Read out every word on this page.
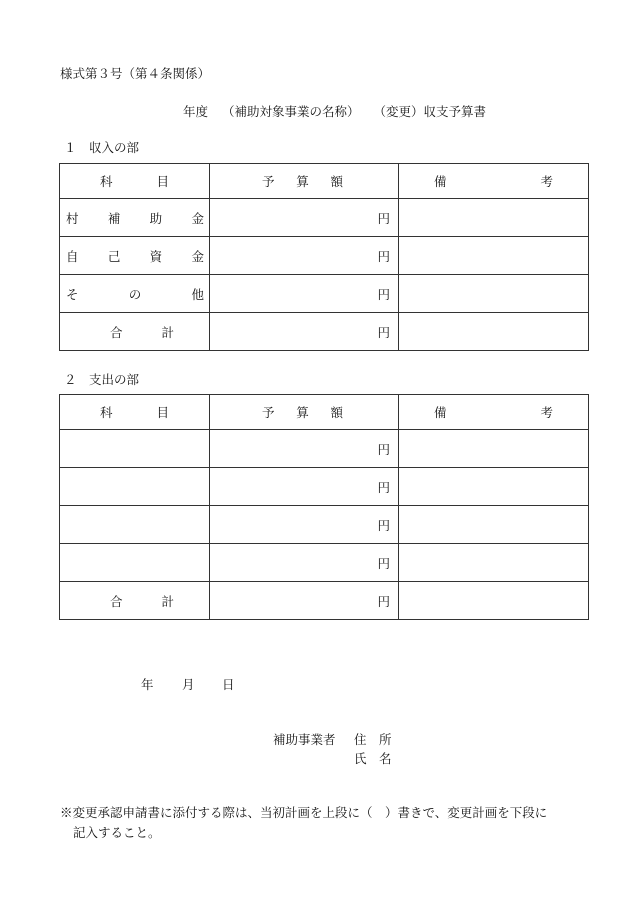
様式第３号（第４条関係）
年度 （補助対象事業の名称） （変更）収支予算書
１　収入の部
科 目	予 算 額	備 考

村 補 助 金	円	

自 己 資 金	円	

そ の 他	円	

合 計	円	
２　支出の部
科 目	予 算 額	備 考

	円	
	円	
	円	
	円	

合 計	円	
年 月 日
補助事業者 住　所
氏　名
※変更承認申請書に添付する際は、当初計画を上段に（　）書きで、変更計画を下段に
記入すること。
